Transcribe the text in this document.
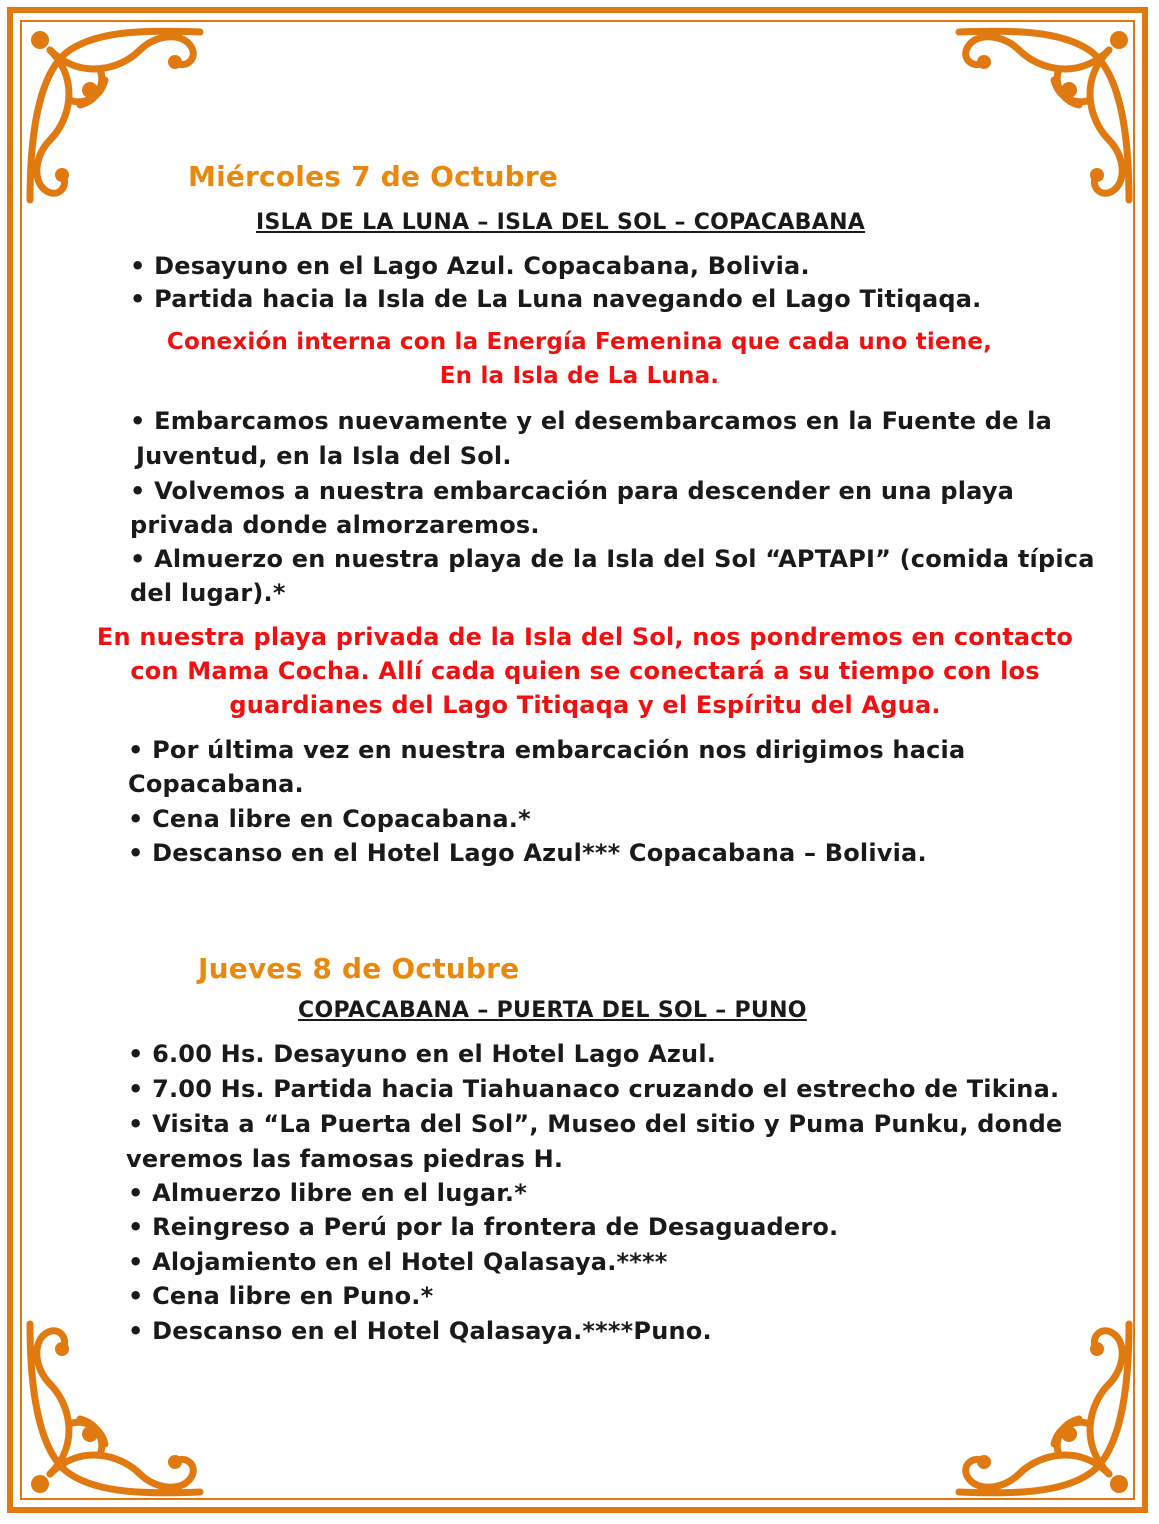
Miércoles 7 de Octubre
ISLA DE LA LUNA – ISLA DEL SOL – COPACABANA
• Desayuno en el Lago Azul. Copacabana, Bolivia.
• Partida hacia la Isla de La Luna navegando el Lago Titiqaqa.
Conexión interna con la Energía Femenina que cada uno tiene,
En la Isla de La Luna.
• Embarcamos nuevamente y el desembarcamos en la Fuente de la
Juventud, en la Isla del Sol.
• Volvemos a nuestra embarcación para descender en una playa
privada donde almorzaremos.
• Almuerzo en nuestra playa de la Isla del Sol “APTAPI” (comida típica
del lugar).*
En nuestra playa privada de la Isla del Sol, nos pondremos en contacto
con Mama Cocha. Allí cada quien se conectará a su tiempo con los
guardianes del Lago Titiqaqa y el Espíritu del Agua.
• Por última vez en nuestra embarcación nos dirigimos hacia
Copacabana.
• Cena libre en Copacabana.*
• Descanso en el Hotel Lago Azul*** Copacabana – Bolivia.
Jueves 8 de Octubre
COPACABANA – PUERTA DEL SOL – PUNO
• 6.00 Hs. Desayuno en el Hotel Lago Azul.
• 7.00 Hs. Partida hacia Tiahuanaco cruzando el estrecho de Tikina.
• Visita a “La Puerta del Sol”, Museo del sitio y Puma Punku, donde
veremos las famosas piedras H.
• Almuerzo libre en el lugar.*
• Reingreso a Perú por la frontera de Desaguadero.
• Alojamiento en el Hotel Qalasaya.****
• Cena libre en Puno.*
• Descanso en el Hotel Qalasaya.****Puno.
